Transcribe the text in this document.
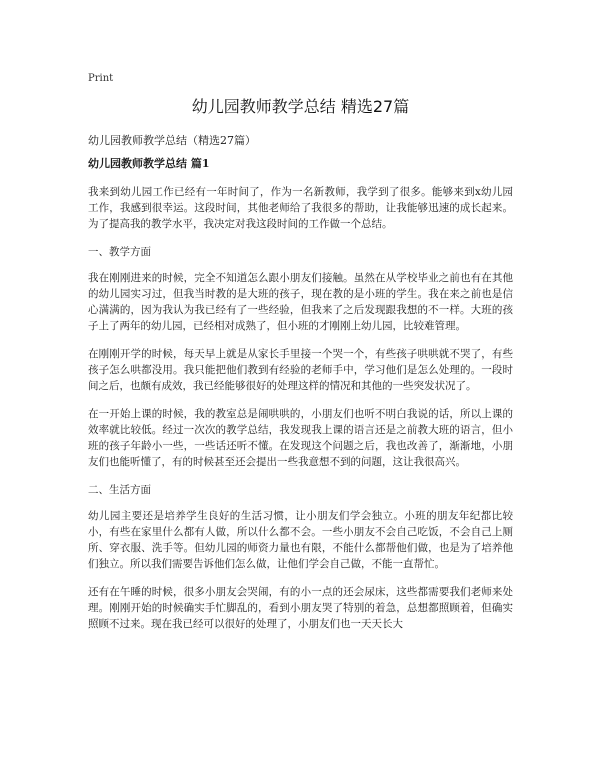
Print
幼儿园教师教学总结 精选27篇
幼儿园教师教学总结（精选27篇）
幼儿园教师教学总结 篇1

我来到幼儿园工作已经有一年时间了，作为一名新教师，我学到了很多。能够来到x幼儿园工作，我感到很幸运。这段时间，其他老师给了我很多的帮助，让我能够迅速的成长起来。为了提高我的教学水平，我决定对我这段时间的工作做一个总结。

一、教学方面

我在刚刚进来的时候，完全不知道怎么跟小朋友们接触。虽然在从学校毕业之前也有在其他的幼儿园实习过，但我当时教的是大班的孩子，现在教的是小班的学生。我在来之前也是信心满满的，因为我认为我已经有了一些经验，但我来了之后发现跟我想的不一样。大班的孩子上了两年的幼儿园，已经相对成熟了，但小班的才刚刚上幼儿园，比较难管理。

在刚刚开学的时候，每天早上就是从家长手里接一个哭一个，有些孩子哄哄就不哭了，有些孩子怎么哄都没用。我只能把他们教到有经验的老师手中，学习他们是怎么处理的。一段时间之后，也颇有成效，我已经能够很好的处理这样的情况和其他的一些突发状况了。

在一开始上课的时候，我的教室总是闹哄哄的，小朋友们也听不明白我说的话，所以上课的效率就比较低。经过一次次的教学总结，我发现我上课的语言还是之前教大班的语言，但小班的孩子年龄小一些，一些话还听不懂。在发现这个问题之后，我也改善了，渐渐地，小朋友们也能听懂了，有的时候甚至还会提出一些我意想不到的问题，这让我很高兴。

二、生活方面

幼儿园主要还是培养学生良好的生活习惯，让小朋友们学会独立。小班的朋友年纪都比较小，有些在家里什么都有人做，所以什么都不会。一些小朋友不会自己吃饭，不会自己上厕所、穿衣服、洗手等。但幼儿园的师资力量也有限，不能什么都帮他们做，也是为了培养他们独立。所以我们需要告诉他们怎么做，让他们学会自己做，不能一直帮忙。

还有在午睡的时候，很多小朋友会哭闹，有的小一点的还会尿床，这些都需要我们老师来处理。刚刚开始的时候确实手忙脚乱的，看到小朋友哭了特别的着急，总想都照顾着，但确实照顾不过来。现在我已经可以很好的处理了，小朋友们也一天天长大
